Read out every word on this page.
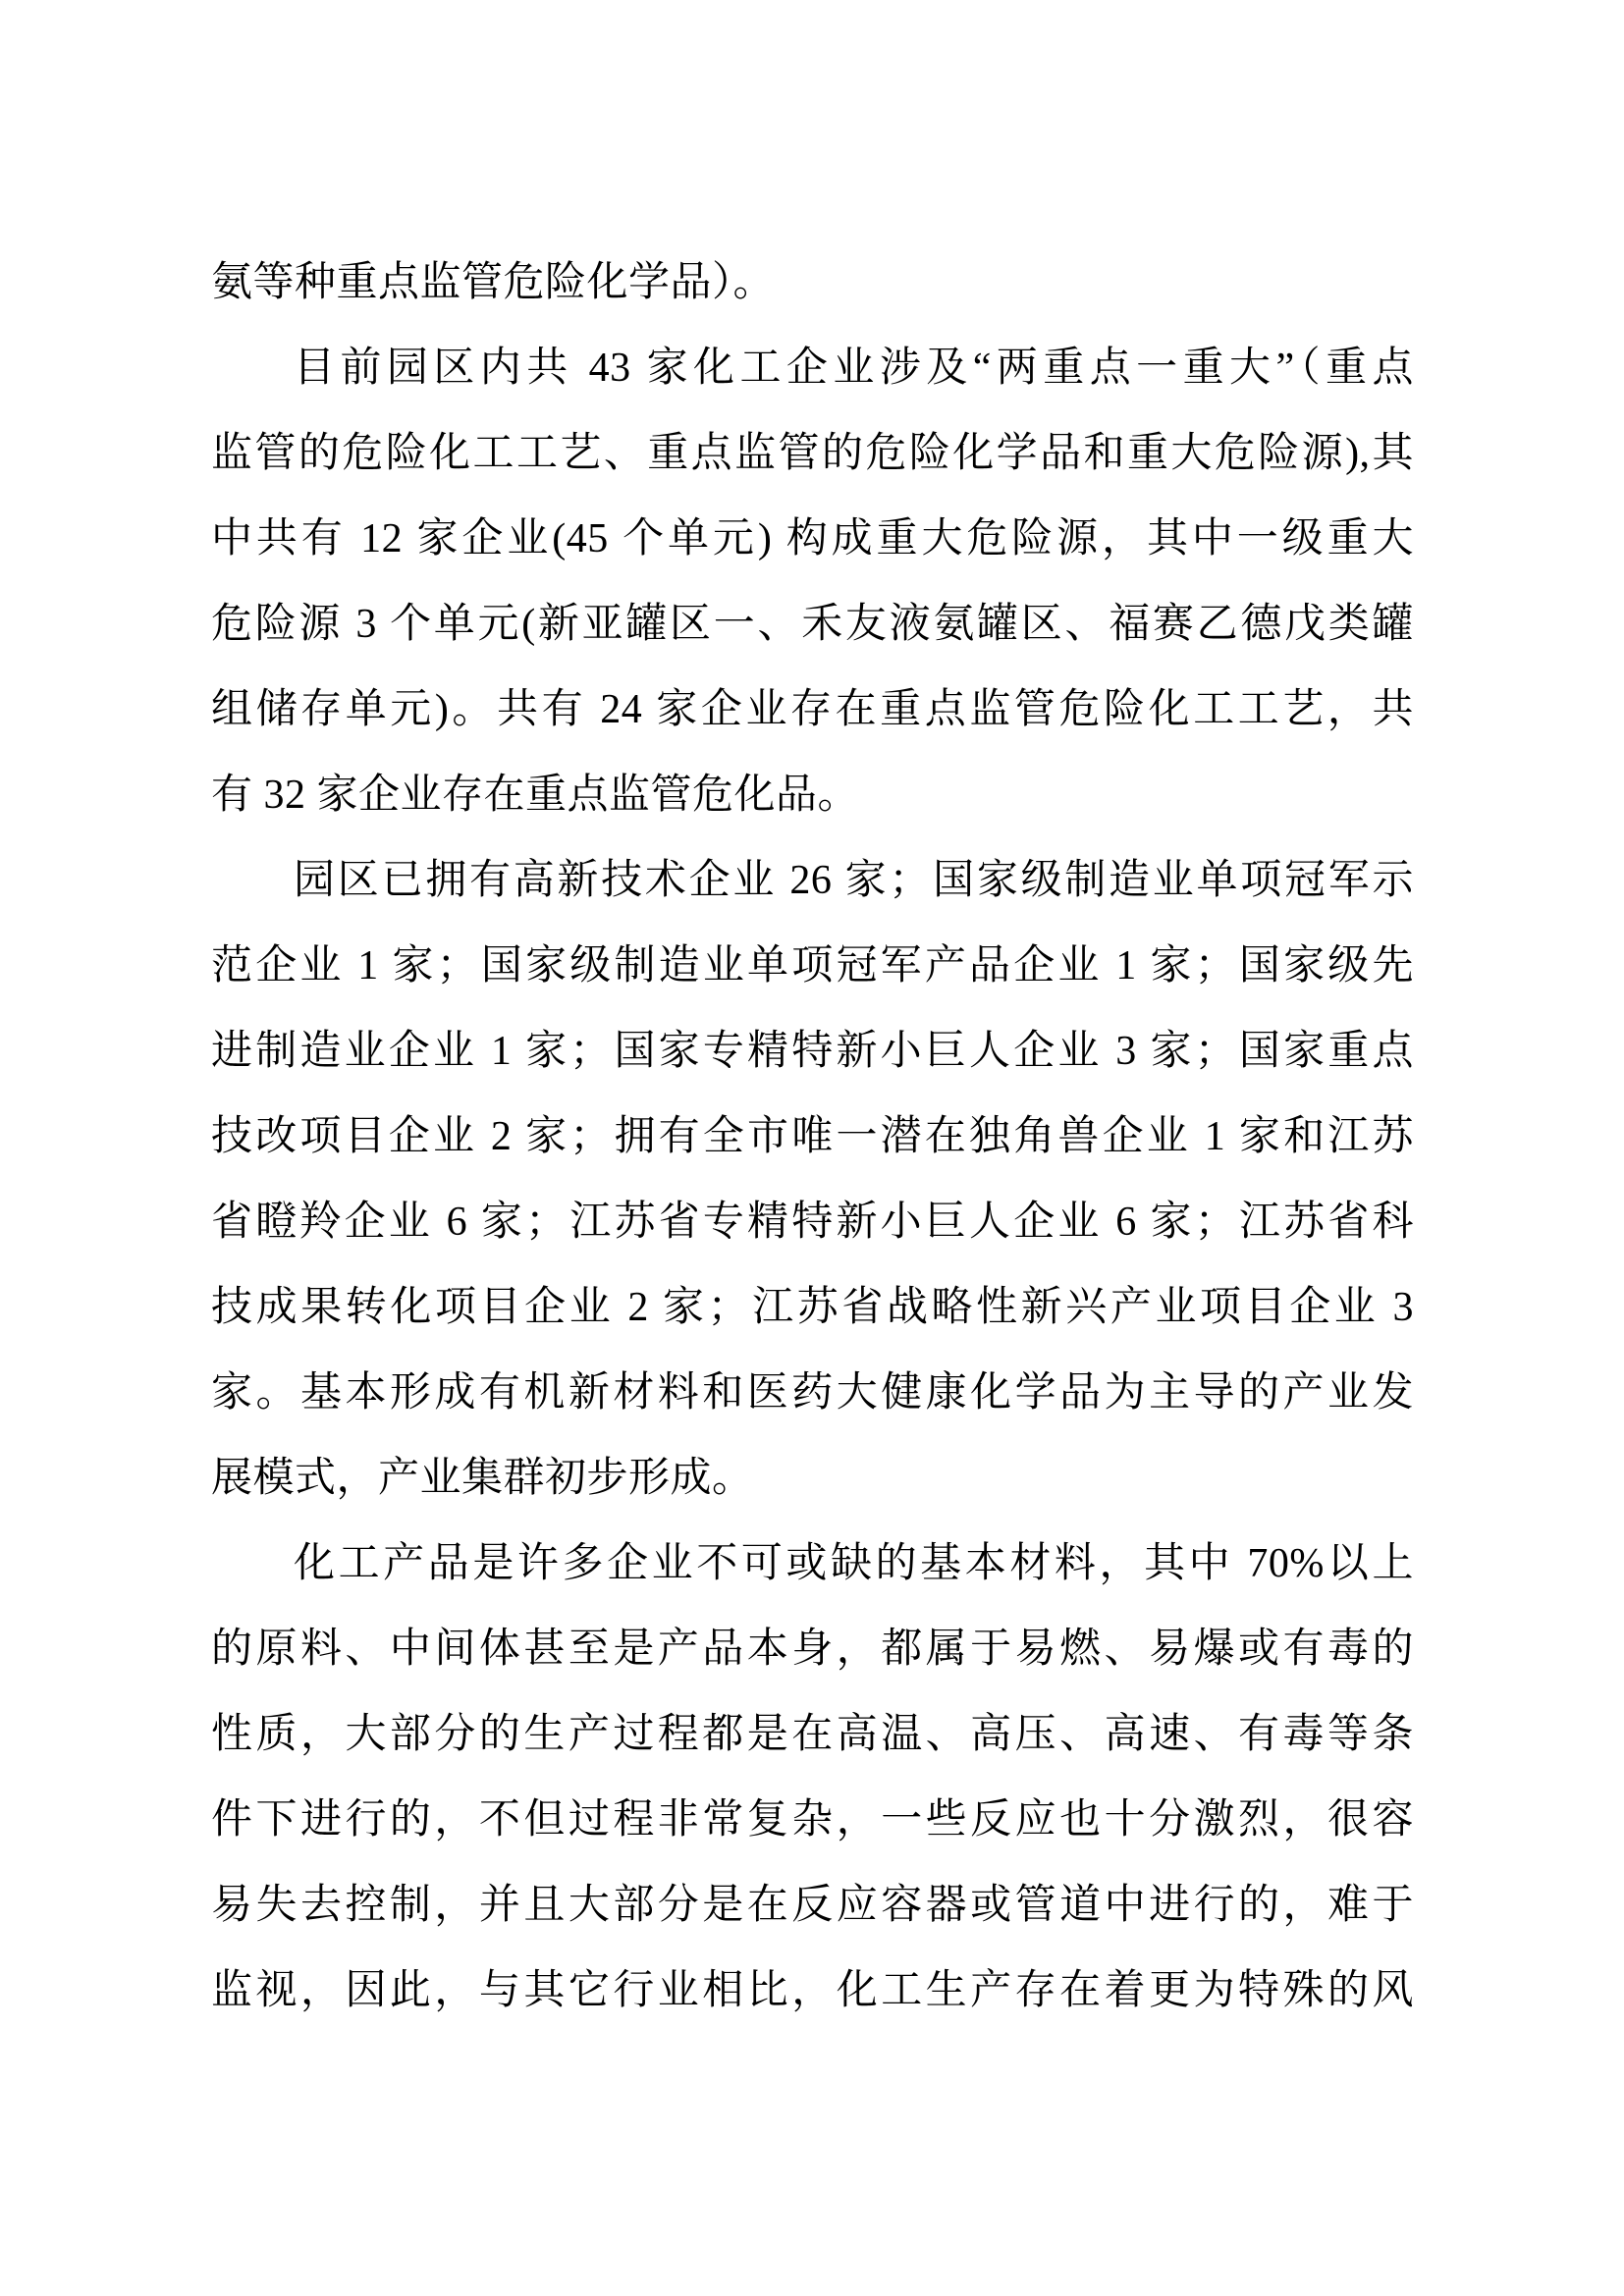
氨等种重点监管危险化学品）。
目前园区内共 43 家化工企业涉及“两重点一重大”（重点
监管的危险化工工艺、重点监管的危险化学品和重大危险源),其
中共有 12 家企业(45 个单元) 构成重大危险源，其中一级重大
危险源 3 个单元(新亚罐区一、禾友液氨罐区、福赛乙德戊类罐
组储存单元)。共有 24 家企业存在重点监管危险化工工艺，共
有 32 家企业存在重点监管危化品。
园区已拥有高新技术企业 26 家；国家级制造业单项冠军示
范企业 1 家；国家级制造业单项冠军产品企业 1 家；国家级先
进制造业企业 1 家；国家专精特新小巨人企业 3 家；国家重点
技改项目企业 2 家；拥有全市唯一潜在独角兽企业 1 家和江苏
省瞪羚企业 6 家；江苏省专精特新小巨人企业 6 家；江苏省科
技成果转化项目企业 2 家；江苏省战略性新兴产业项目企业 3
家。基本形成有机新材料和医药大健康化学品为主导的产业发
展模式，产业集群初步形成。
化工产品是许多企业不可或缺的基本材料，其中 70%以上
的原料、中间体甚至是产品本身，都属于易燃、易爆或有毒的
性质，大部分的生产过程都是在高温、高压、高速、有毒等条
件下进行的，不但过程非常复杂，一些反应也十分激烈，很容
易失去控制，并且大部分是在反应容器或管道中进行的，难于
监视，因此，与其它行业相比，化工生产存在着更为特殊的风
